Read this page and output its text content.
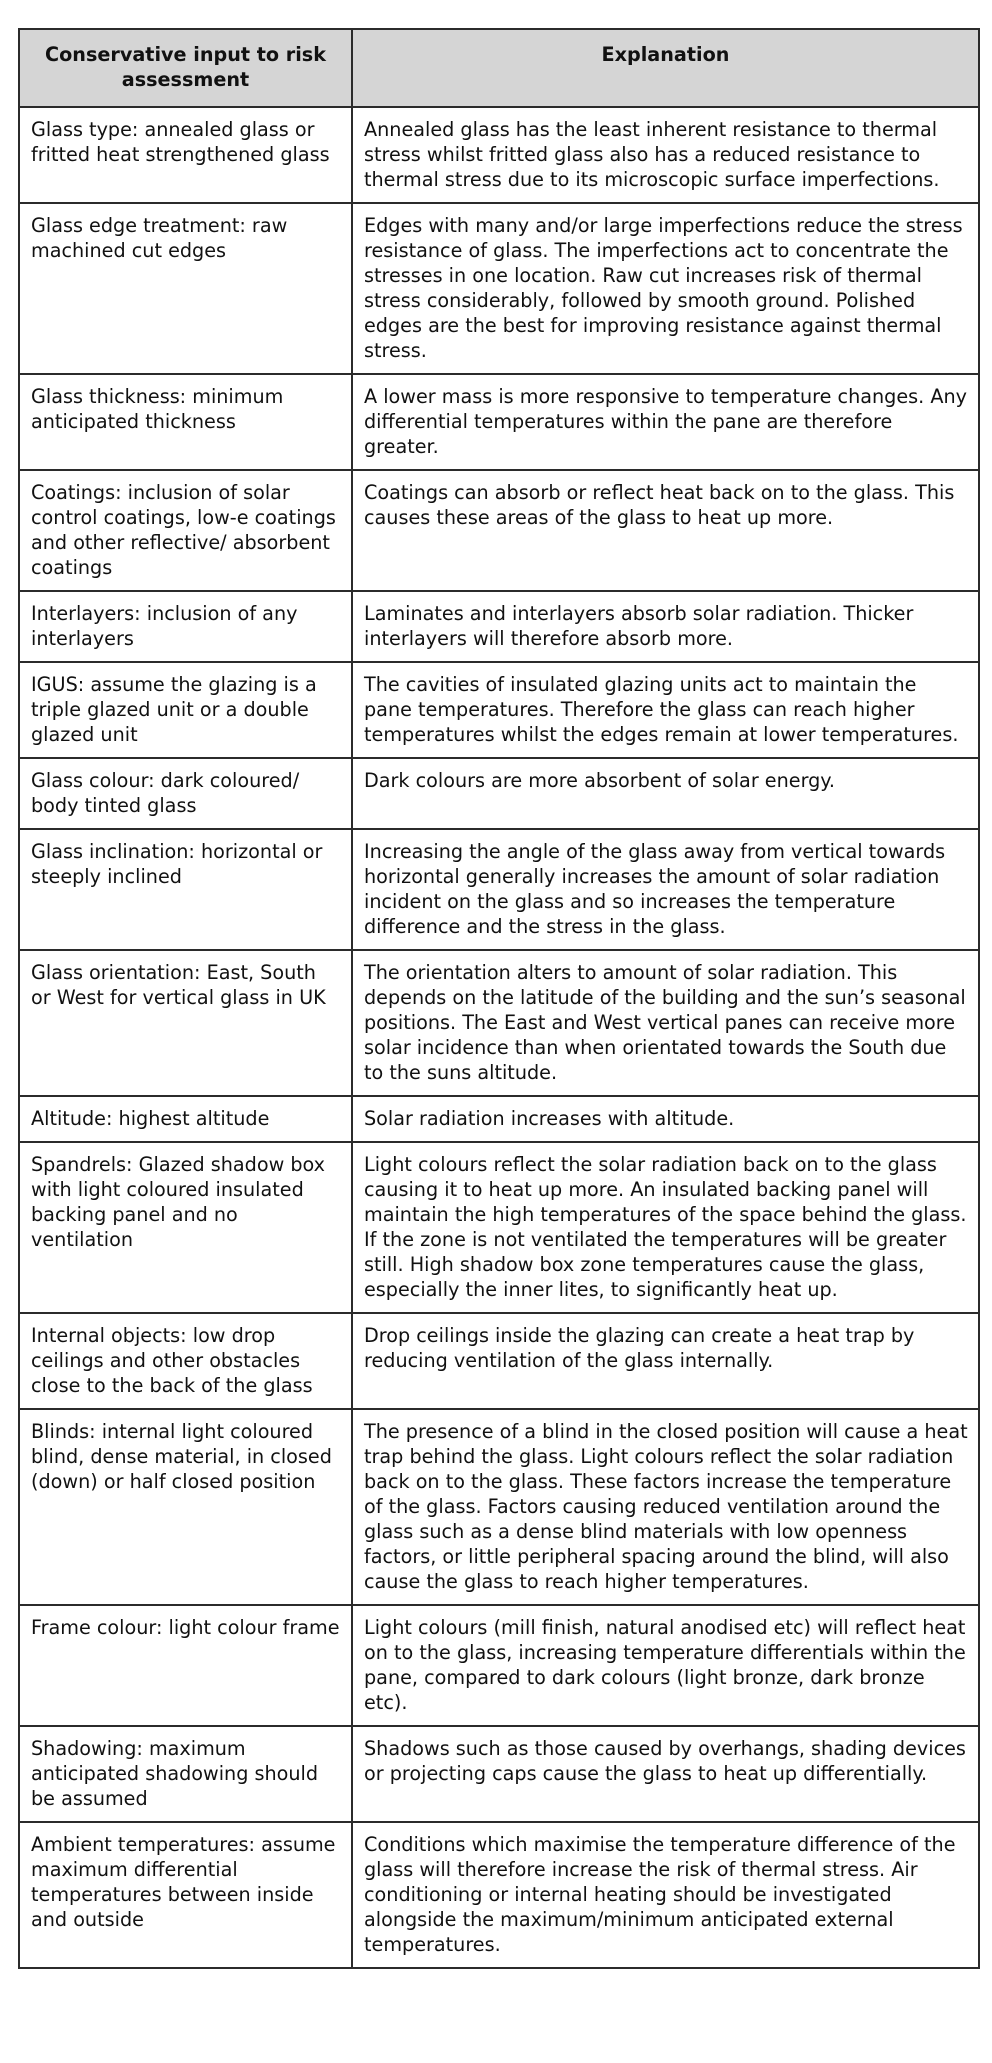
Conservative input to risk assessment	Explanation
Glass type: annealed glass or fritted heat strengthened glass	Annealed glass has the least inherent resistance to thermal stress whilst fritted glass also has a reduced resistance to thermal stress due to its microscopic surface imperfections.
Glass edge treatment: raw machined cut edges	Edges with many and/or large imperfections reduce the stress resistance of glass. The imperfections act to concentrate the stresses in one location. Raw cut increases risk of thermal stress considerably, followed by smooth ground. Polished edges are the best for improving resistance against thermal stress.
Glass thickness: minimum anticipated thickness	A lower mass is more responsive to temperature changes. Any differential temperatures within the pane are therefore greater.
Coatings: inclusion of solar control coatings, low-e coatings and other reflective/ absorbent coatings	Coatings can absorb or reflect heat back on to the glass. This causes these areas of the glass to heat up more.
Interlayers: inclusion of any interlayers	Laminates and interlayers absorb solar radiation. Thicker interlayers will therefore absorb more.
IGUS: assume the glazing is a triple glazed unit or a double glazed unit	The cavities of insulated glazing units act to maintain the pane temperatures. Therefore the glass can reach higher temperatures whilst the edges remain at lower temperatures.
Glass colour: dark coloured/ body tinted glass	Dark colours are more absorbent of solar energy.
Glass inclination: horizontal or steeply inclined	Increasing the angle of the glass away from vertical towards horizontal generally increases the amount of solar radiation incident on the glass and so increases the temperature difference and the stress in the glass.
Glass orientation: East, South or West for vertical glass in UK	The orientation alters to amount of solar radiation. This depends on the latitude of the building and the sun’s seasonal positions. The East and West vertical panes can receive more solar incidence than when orientated towards the South due to the suns altitude.
Altitude: highest altitude	Solar radiation increases with altitude.
Spandrels: Glazed shadow box with light coloured insulated backing panel and no ventilation	Light colours reflect the solar radiation back on to the glass causing it to heat up more. An insulated backing panel will maintain the high temperatures of the space behind the glass. If the zone is not ventilated the temperatures will be greater still. High shadow box zone temperatures cause the glass, especially the inner lites, to significantly heat up.
Internal objects: low drop ceilings and other obstacles close to the back of the glass	Drop ceilings inside the glazing can create a heat trap by reducing ventilation of the glass internally.
Blinds: internal light coloured blind, dense material, in closed (down) or half closed position	The presence of a blind in the closed position will cause a heat trap behind the glass. Light colours reflect the solar radiation back on to the glass. These factors increase the temperature of the glass. Factors causing reduced ventilation around the glass such as a dense blind materials with low openness factors, or little peripheral spacing around the blind, will also cause the glass to reach higher temperatures.
Frame colour: light colour frame	Light colours (mill finish, natural anodised etc) will reflect heat on to the glass, increasing temperature differentials within the pane, compared to dark colours (light bronze, dark bronze etc).
Shadowing: maximum anticipated shadowing should be assumed	Shadows such as those caused by overhangs, shading devices or projecting caps cause the glass to heat up differentially.
Ambient temperatures: assume maximum differential temperatures between inside and outside	Conditions which maximise the temperature difference of the glass will therefore increase the risk of thermal stress. Air conditioning or internal heating should be investigated alongside the maximum/minimum anticipated external temperatures.
